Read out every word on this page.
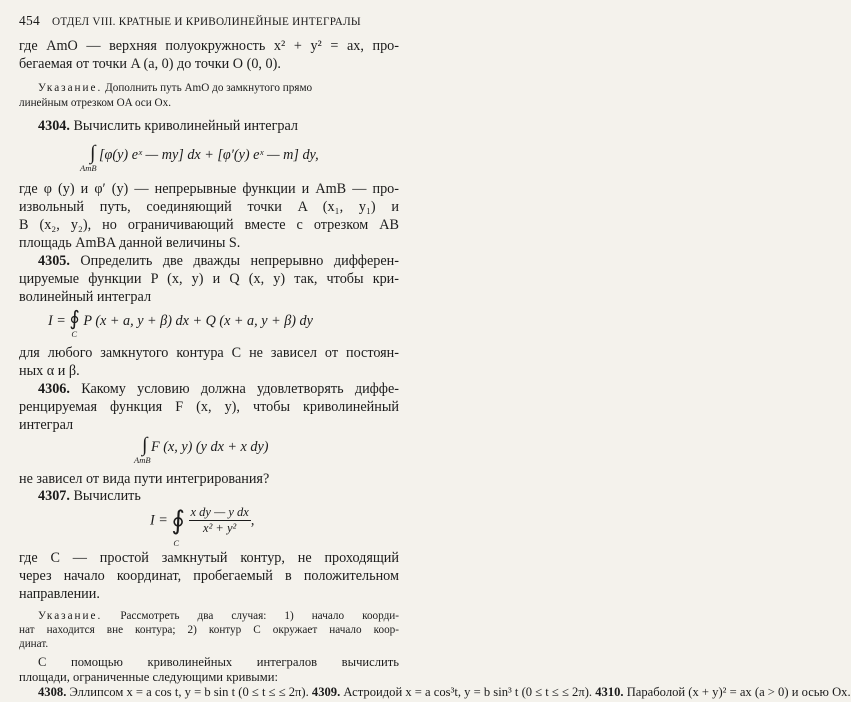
454 ОТДЕЛ VIII. КРАТНЫЕ И КРИВОЛИНЕЙНЫЕ ИНТЕГРАЛЫ
где AmO — верхняя полуокружность x² + y² = ax, про-
бегаемая от точки A (a, 0) до точки O (0, 0).
Указание. Дополнить путь AmO до замкнутого прямо
линейным отрезком OA оси Ox.
4304. Вычислить криволинейный интеграл
∫
AmB
[φ(y) eˣ — my] dx + [φ′(y) eˣ — m] dy,
где φ (y) и φ′ (y) — непрерывные функции и AmB — про-
извольный путь, соединяющий точки A (x₁, y₁) и
B (x₂, y₂), но ограничивающий вместе с отрезком AB
площадь AmBA данной величины S.
4305. Определить две дважды непрерывно дифферен-
цируемые функции P (x, y) и Q (x, y) так, чтобы кри-
волинейный интеграл
I = ∮
C
P (x + a, y + β) dx + Q (x + a, y + β) dy
для любого замкнутого контура C не зависел от постоян-
ных α и β.
4306. Какому условию должна удовлетворять диффе-
ренцируемая функция F (x, y), чтобы криволинейный
интеграл
∫
AmB
F (x, y) (y dx + x dy)
не зависел от вида пути интегрирования?
4307. Вычислить
I = ∮
C

$\frac{\text{x dy — y dx}}{\text{x² + y²}}$ ,
где C — простой замкнутый контур, не проходящий
через начало координат, пробегаемый в положительном
направлении.
Указание. Рассмотреть два случая: 1) начало коорди-
нат находится вне контура; 2) контур C окружает начало коор-
динат.
С помощью криволинейных интегралов вычислить
площади, ограниченные следующими кривыми:
4308. Эллипсом x = a cos t, y = b sin t (0 ≤ t ≤ ≤ 2π). 4309. Астроидой x = a cos³t, y = b sin³ t (0 ≤ t ≤ ≤ 2π). 4310. Параболой (x + y)² = ax (a > 0) и осью Ox.
